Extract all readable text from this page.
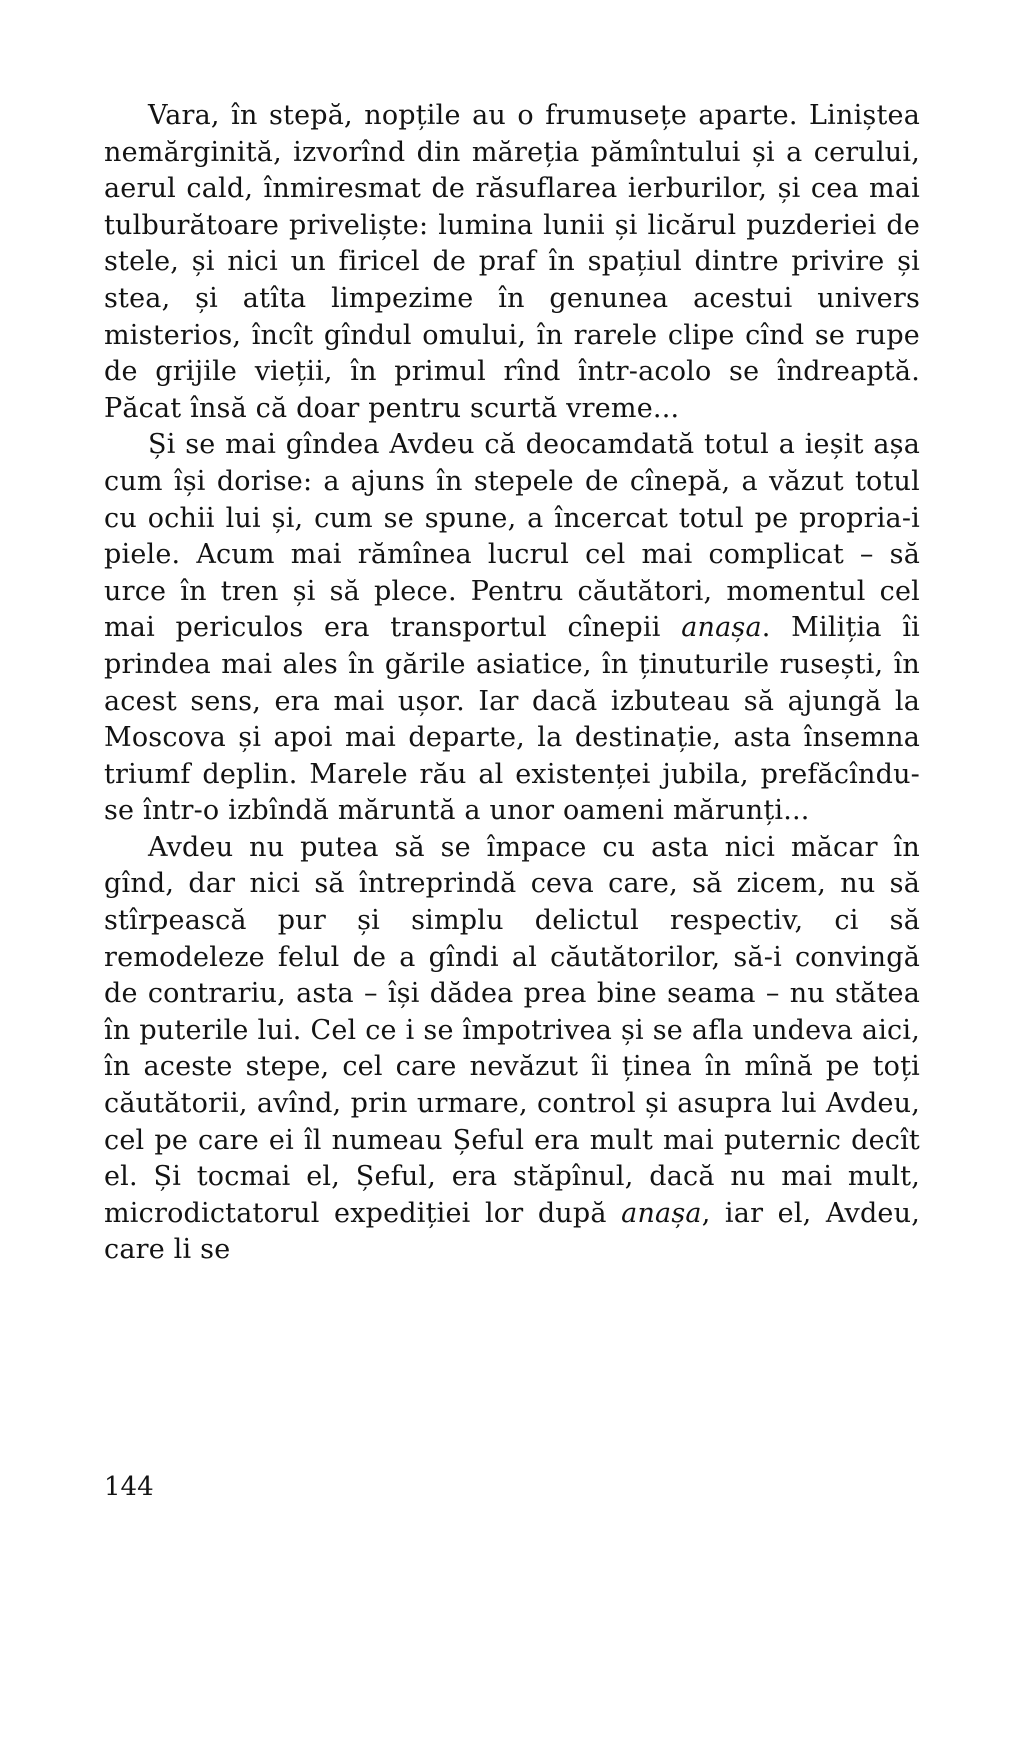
Vara, în stepă, nopțile au o frumusețe aparte. Liniștea nemărginită, izvorînd din măreția pămîntului și a cerului, aerul cald, înmiresmat de răsuflarea ierburilor, și cea mai tulburătoare priveliște: lumina lunii și licărul puzderiei de stele, și nici un firicel de praf în spațiul dintre privire și stea, și atîta limpezime în genunea acestui univers misterios, încît gîndul omului, în rarele clipe cînd se rupe de grijile vieții, în primul rînd într-acolo se îndreaptă. Păcat însă că doar pentru scurtă vreme...

Și se mai gîndea Avdeu că deocamdată totul a ieșit așa cum își dorise: a ajuns în stepele de cînepă, a văzut totul cu ochii lui și, cum se spune, a încercat totul pe propria-i piele. Acum mai rămînea lucrul cel mai complicat – să urce în tren și să plece. Pentru căutători, momentul cel mai periculos era transportul cînepii anașa. Miliția îi prindea mai ales în gările asiatice, în ținuturile rusești, în acest sens, era mai ușor. Iar dacă izbuteau să ajungă la Moscova și apoi mai departe, la destinație, asta însemna triumf deplin. Marele rău al existenței jubila, prefăcîndu-se într-o izbîndă măruntă a unor oameni mărunți...

Avdeu nu putea să se împace cu asta nici măcar în gînd, dar nici să întreprindă ceva care, să zicem, nu să stîrpească pur și simplu delictul respectiv, ci să remodeleze felul de a gîndi al căutătorilor, să-i convingă de contrariu, asta – își dădea prea bine seama – nu stătea în puterile lui. Cel ce i se împotrivea și se afla undeva aici, în aceste stepe, cel care nevăzut îi ținea în mînă pe toți căutătorii, avînd, prin urmare, control și asupra lui Avdeu, cel pe care ei îl numeau Șeful era mult mai puternic decît el. Și tocmai el, Șeful, era stăpînul, dacă nu mai mult, microdictatorul expediției lor după anașa, iar el, Avdeu, care li se

144
